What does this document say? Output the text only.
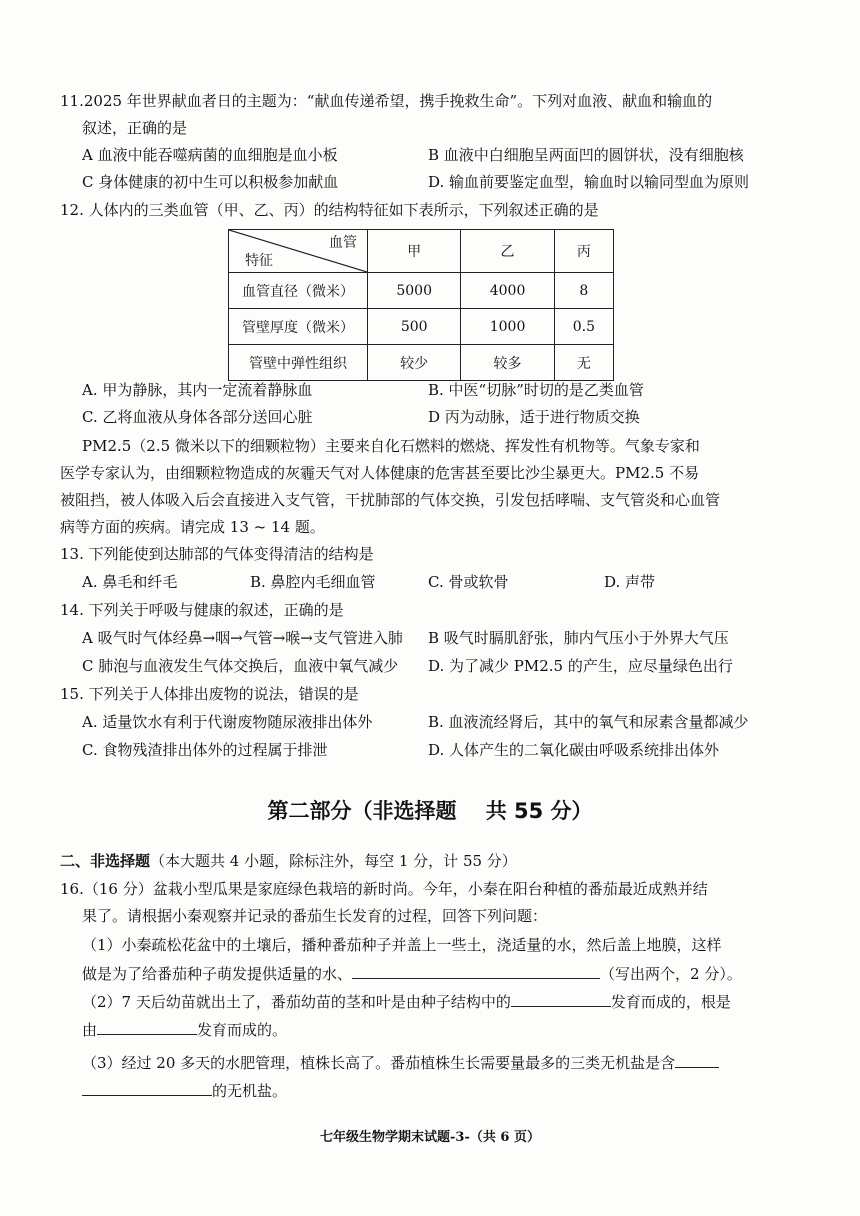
11.2025 年世界献血者日的主题为：“献血传递希望，携手挽救生命”。下列对血液、献血和输血的
叙述，正确的是
A 血液中能吞噬病菌的血细胞是血小板	B 血液中白细胞呈两面凹的圆饼状，没有细胞核
C 身体健康的初中生可以积极参加献血	D. 输血前要鉴定血型，输血时以输同型血为原则
12. 人体内的三类血管（甲、乙、丙）的结构特征如下表所示，下列叙述正确的是
血管
特征	甲	乙	丙
血管直径（微米）	5000	4000	8
管壁厚度（微米）	500	1000	0.5
管壁中弹性组织	较少	较多	无
A. 甲为静脉，其内一定流着静脉血	B. 中医“切脉”时切的是乙类血管
C. 乙将血液从身体各部分送回心脏	D 丙为动脉，适于进行物质交换
PM2.5（2.5 微米以下的细颗粒物）主要来自化石燃料的燃烧、挥发性有机物等。气象专家和
医学专家认为，由细颗粒物造成的灰霾天气对人体健康的危害甚至要比沙尘暴更大。PM2.5 不易
被阻挡，被人体吸入后会直接进入支气管，干扰肺部的气体交换，引发包括哮喘、支气管炎和心血管
病等方面的疾病。请完成 13 ~ 14 题。
13. 下列能使到达肺部的气体变得清洁的结构是
A. 鼻毛和纤毛	B. 鼻腔内毛细血管	C. 骨或软骨	D. 声带
14. 下列关于呼吸与健康的叙述，正确的是
A 吸气时气体经鼻→咽→气管→喉→支气管进入肺 B 吸气时膈肌舒张，肺内气压小于外界大气压
C 肺泡与血液发生气体交换后，血液中氧气减少 D. 为了减少 PM2.5 的产生，应尽量绿色出行
15. 下列关于人体排出废物的说法，错误的是
A. 适量饮水有利于代谢废物随尿液排出体外	B. 血液流经肾后，其中的氧气和尿素含量都减少
C. 食物残渣排出体外的过程属于排泄	D. 人体产生的二氧化碳由呼吸系统排出体外
第二部分（非选择题    共 55 分）
二、非选择题（本大题共 4 小题，除标注外，每空 1 分，计 55 分）
16.（16 分）盆栽小型瓜果是家庭绿色栽培的新时尚。今年，小秦在阳台种植的番茄最近成熟并结
果了。请根据小秦观察并记录的番茄生长发育的过程，回答下列问题：
（1）小秦疏松花盆中的土壤后，播种番茄种子并盖上一些土，浇适量的水，然后盖上地膜，这样
做是为了给番茄种子萌发提供适量的水、	（写出两个，2 分）。
（2）7 天后幼苗就出土了，番茄幼苗的茎和叶是由种子结构中的	发育而成的，根是
由	发育而成的。
（3）经过 20 多天的水肥管理，植株长高了。番茄植株生长需要量最多的三类无机盐是含
的无机盐。
七年级生物学期末试题-3-（共 6 页）
